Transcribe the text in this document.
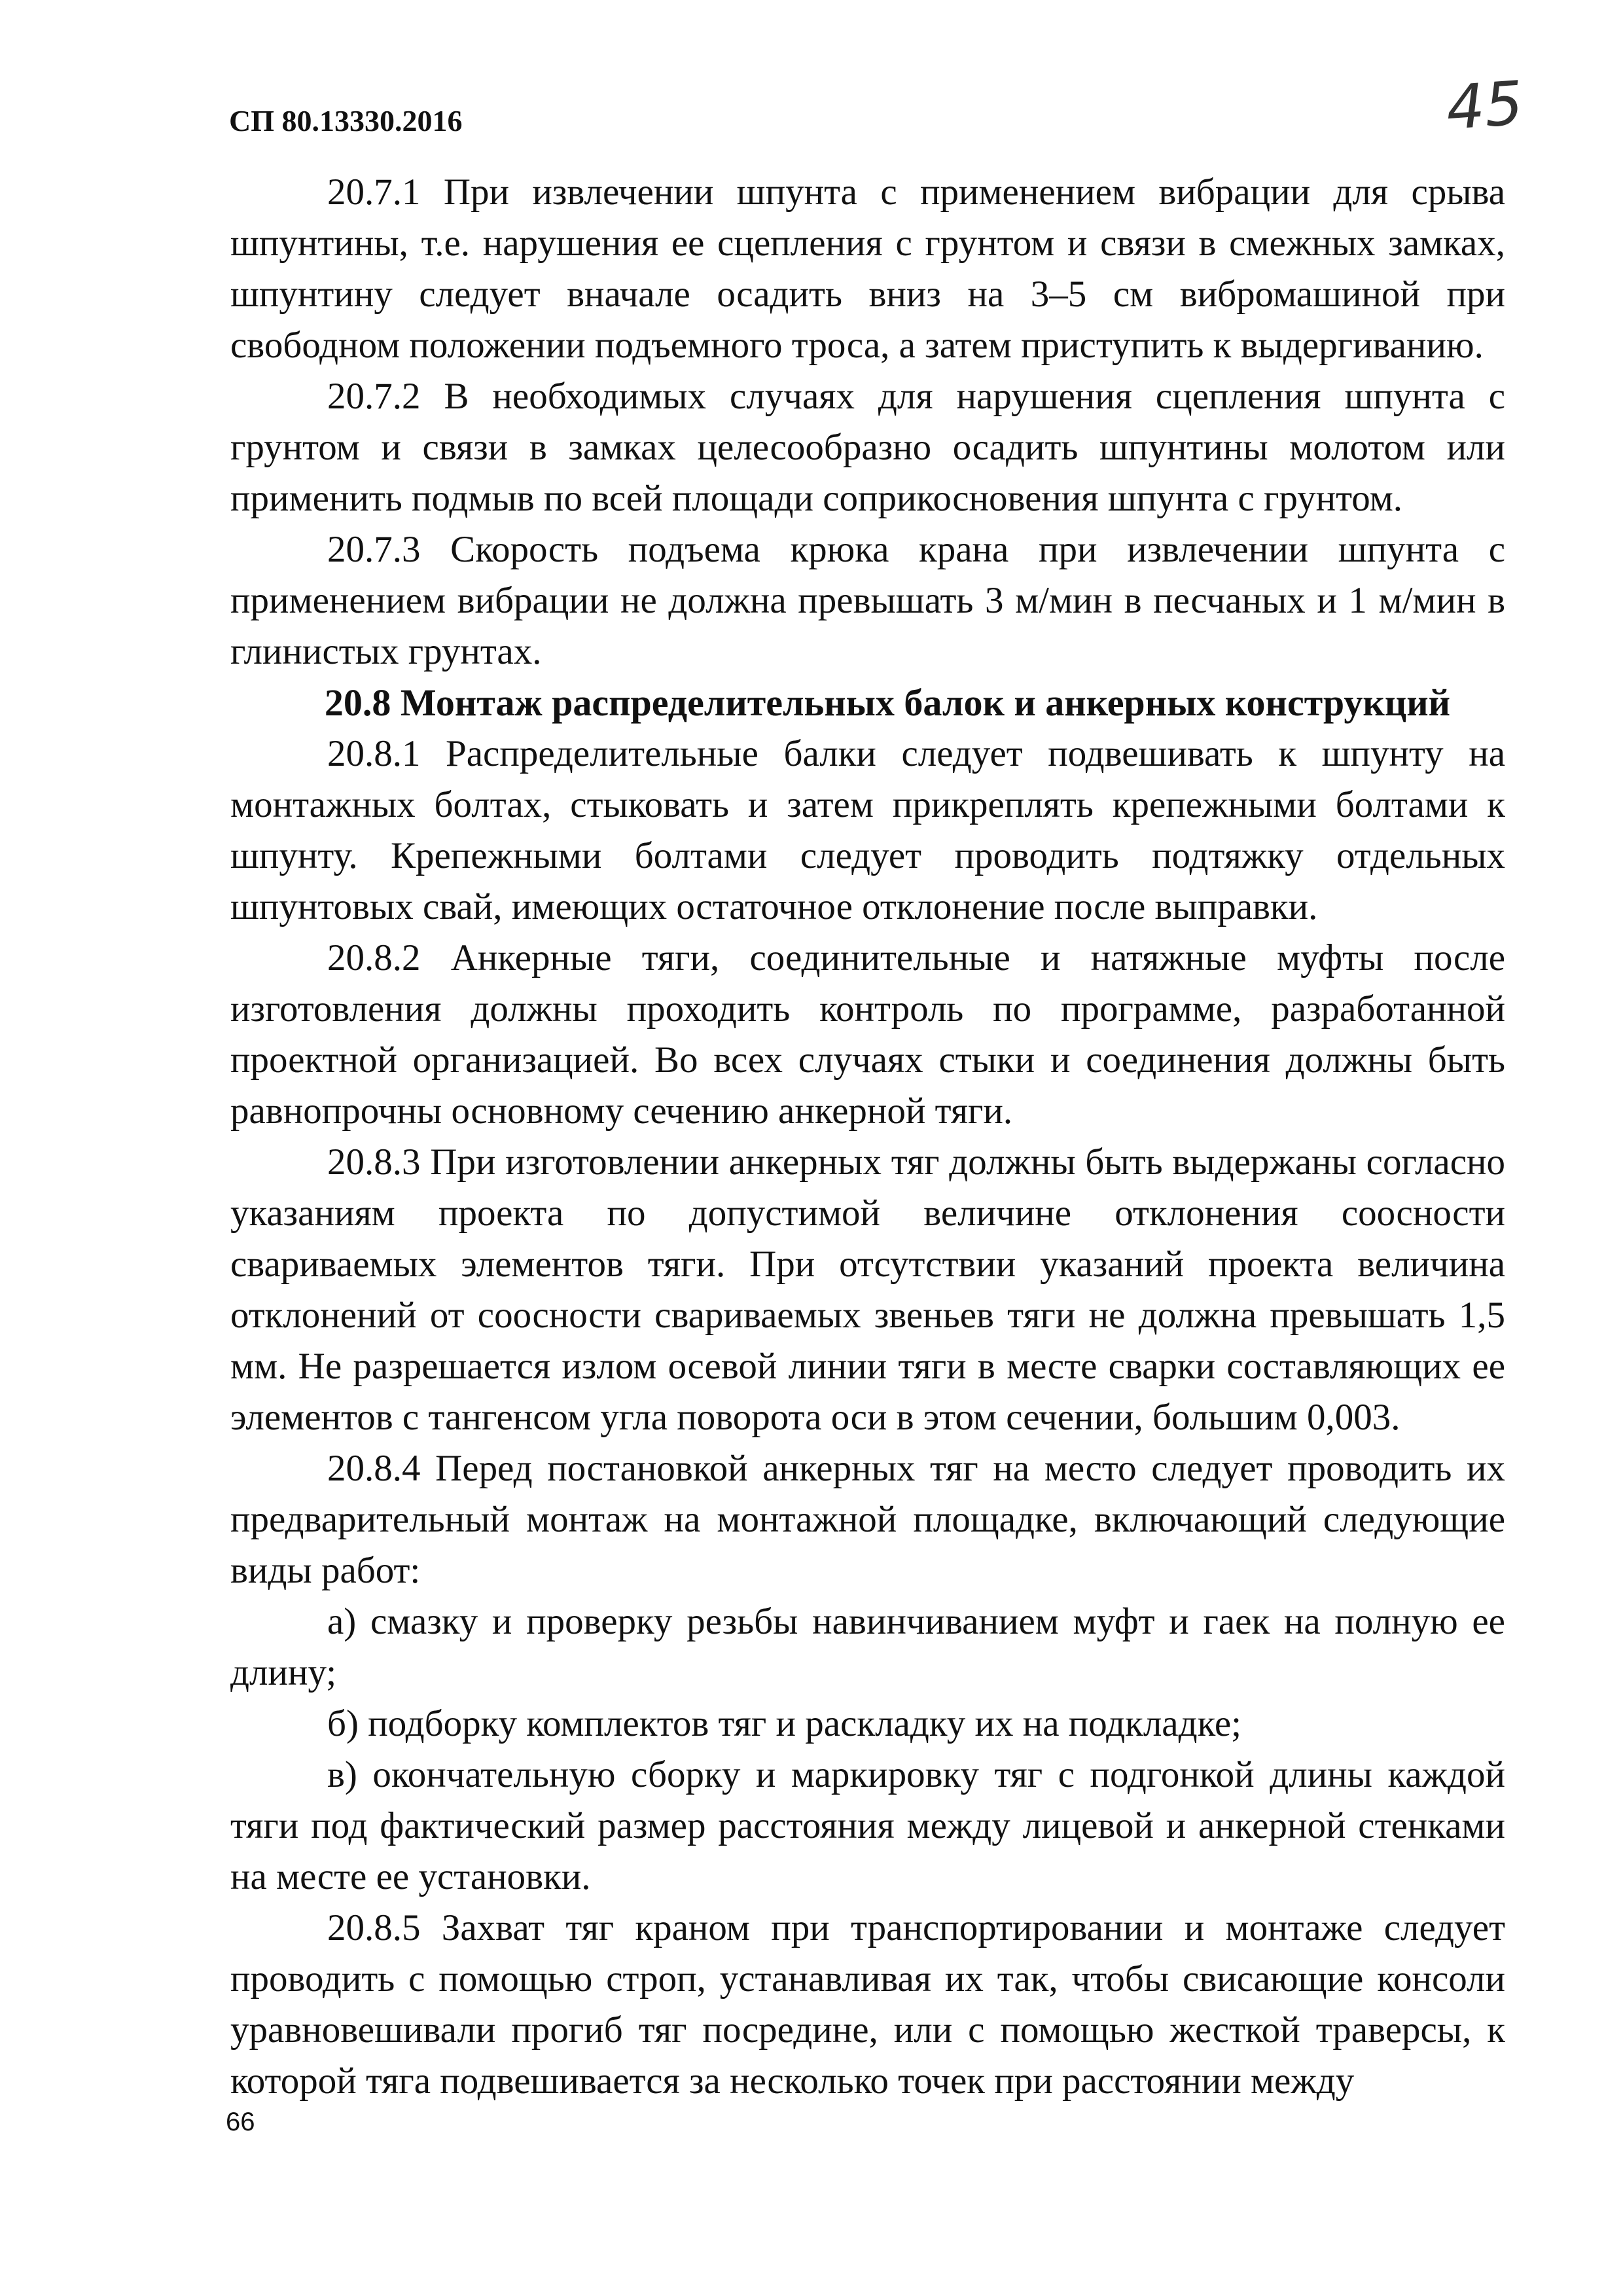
СП 80.13330.2016	45

20.7.1 При извлечении шпунта с применением вибрации для срыва шпунтины, т.е. нарушения ее сцепления с грунтом и связи в смежных замках, шпунтину следует вначале осадить вниз на 3–5 см вибромашиной при свободном положении подъемного троса, а затем приступить к выдергиванию.

20.7.2 В необходимых случаях для нарушения сцепления шпунта с грунтом и связи в замках целесообразно осадить шпунтины молотом или применить подмыв по всей площади соприкосновения шпунта с грунтом.

20.7.3 Скорость подъема крюка крана при извлечении шпунта с применением вибрации не должна превышать 3 м/мин в песчаных и 1 м/мин в глинистых грунтах.

20.8 Монтаж распределительных балок и анкерных конструкций

20.8.1 Распределительные балки следует подвешивать к шпунту на монтажных болтах, стыковать и затем прикреплять крепежными болтами к шпунту. Крепежными болтами следует проводить подтяжку отдельных шпунтовых свай, имеющих остаточное отклонение после выправки.

20.8.2 Анкерные тяги, соединительные и натяжные муфты после изготовления должны проходить контроль по программе, разработанной проектной организацией. Во всех случаях стыки и соединения должны быть равнопрочны основному сечению анкерной тяги.

20.8.3 При изготовлении анкерных тяг должны быть выдержаны согласно указаниям проекта по допустимой величине отклонения соосности свариваемых элементов тяги. При отсутствии указаний проекта величина отклонений от соосности свариваемых звеньев тяги не должна превышать 1,5 мм. Не разрешается излом осевой линии тяги в месте сварки составляющих ее элементов с тангенсом угла поворота оси в этом сечении, большим 0,003.

20.8.4 Перед постановкой анкерных тяг на место следует проводить их предварительный монтаж на монтажной площадке, включающий следующие виды работ:

а) смазку и проверку резьбы навинчиванием муфт и гаек на полную ее длину;

б) подборку комплектов тяг и раскладку их на подкладке;

в) окончательную сборку и маркировку тяг с подгонкой длины каждой тяги под фактический размер расстояния между лицевой и анкерной стенками на месте ее установки.

20.8.5 Захват тяг краном при транспортировании и монтаже следует проводить с помощью строп, устанавливая их так, чтобы свисающие консоли уравновешивали прогиб тяг посредине, или с помощью жесткой траверсы, к которой тяга подвешивается за несколько точек при расстоянии между

66
